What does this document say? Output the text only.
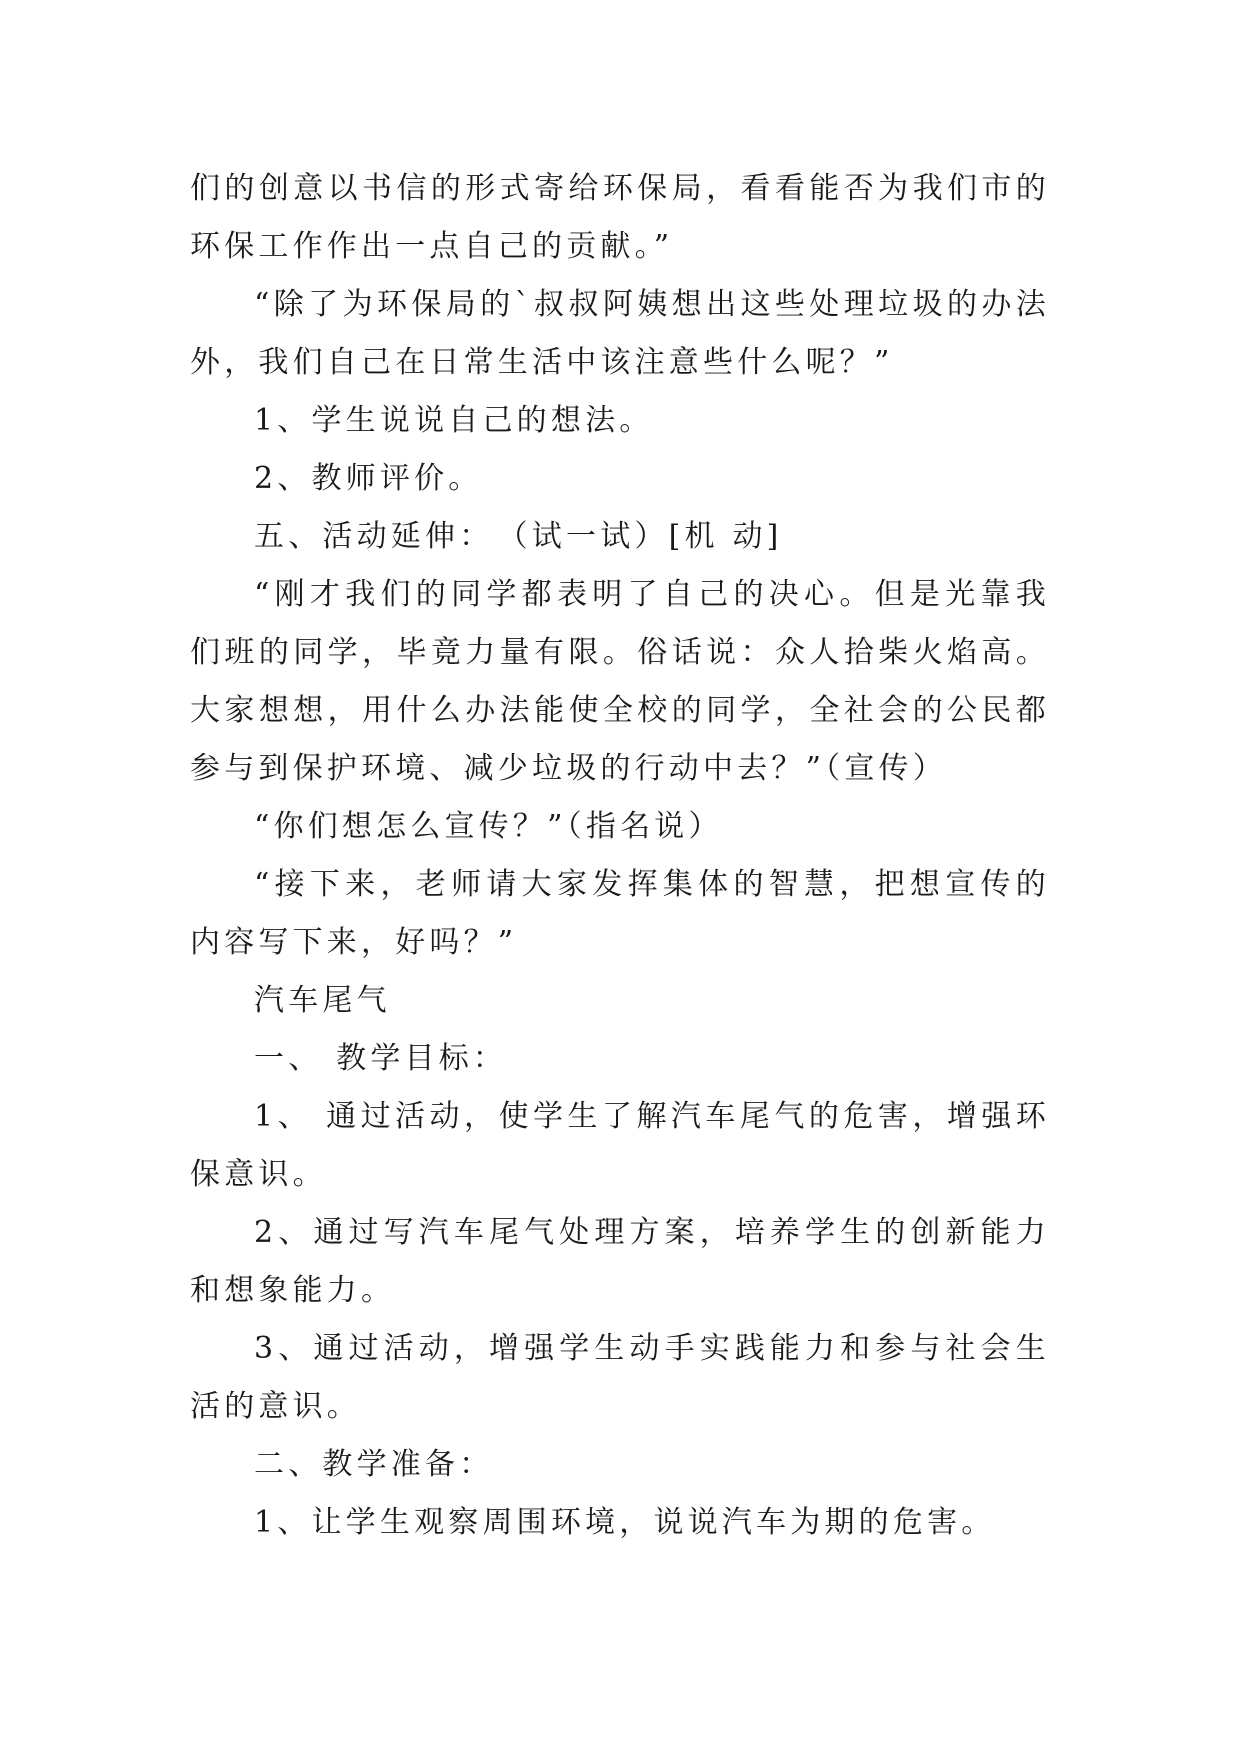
们的创意以书信的形式寄给环保局，看看能否为我们市的环保工作作出一点自己的贡献。”

“除了为环保局的`叔叔阿姨想出这些处理垃圾的办法外，我们自己在日常生活中该注意些什么呢？”

1、学生说说自己的想法。

2、教师评价。

五、活动延伸：　（试一试）[机 动]

“刚才我们的同学都表明了自己的决心。但是光靠我们班的同学，毕竟力量有限。俗话说：众人拾柴火焰高。大家想想，用什么办法能使全校的同学，全社会的公民都参与到保护环境、减少垃圾的行动中去？”（宣传）

“你们想怎么宣传？”（指名说）

“接下来，老师请大家发挥集体的智慧，把想宣传的内容写下来，好吗？”

汽车尾气

一、 教学目标：

1、 通过活动，使学生了解汽车尾气的危害，增强环保意识。

2、通过写汽车尾气处理方案，培养学生的创新能力和想象能力。

3、通过活动，增强学生动手实践能力和参与社会生活的意识。

二、教学准备：

1、让学生观察周围环境，说说汽车为期的危害。
